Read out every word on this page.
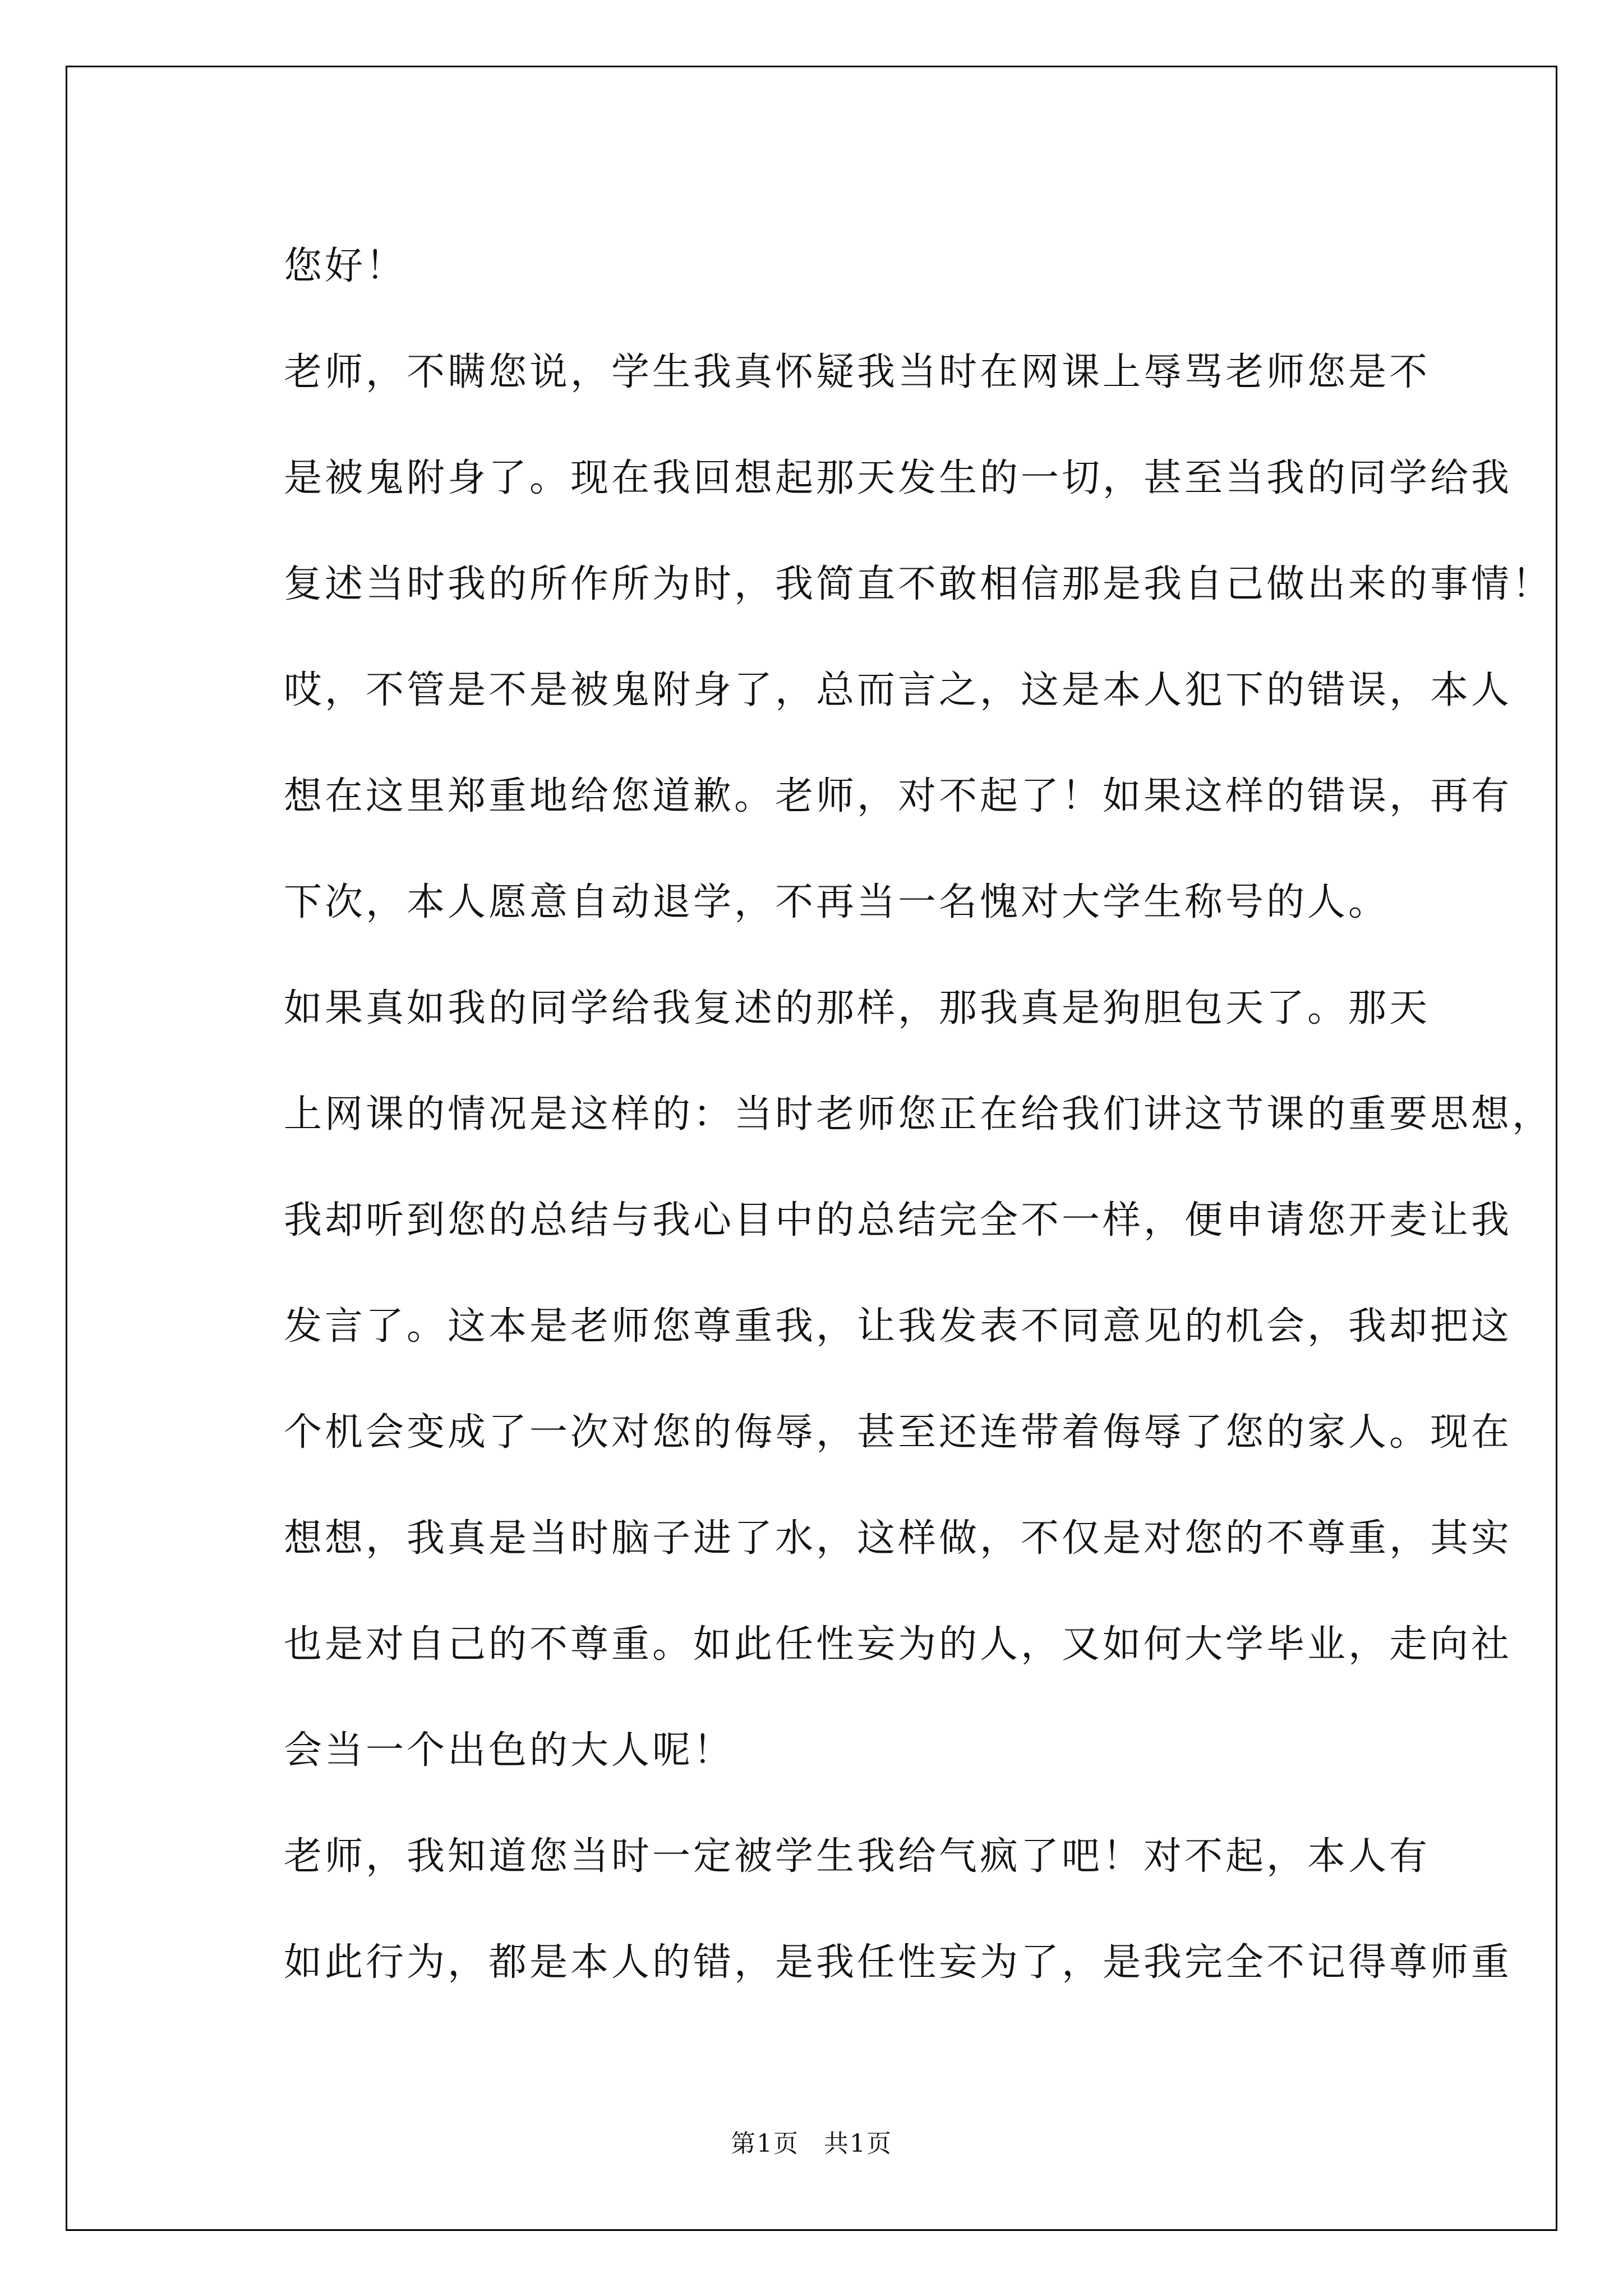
您好！

老师，不瞒您说，学生我真怀疑我当时在网课上辱骂老师您是不
是被鬼附身了。现在我回想起那天发生的一切，甚至当我的同学给我
复述当时我的所作所为时，我简直不敢相信那是我自己做出来的事情！
哎，不管是不是被鬼附身了，总而言之，这是本人犯下的错误，本人
想在这里郑重地给您道歉。老师，对不起了！如果这样的错误，再有
下次，本人愿意自动退学，不再当一名愧对大学生称号的人。

如果真如我的同学给我复述的那样，那我真是狗胆包天了。那天
上网课的情况是这样的：当时老师您正在给我们讲这节课的重要思想，
我却听到您的总结与我心目中的总结完全不一样，便申请您开麦让我
发言了。这本是老师您尊重我，让我发表不同意见的机会，我却把这
个机会变成了一次对您的侮辱，甚至还连带着侮辱了您的家人。现在
想想，我真是当时脑子进了水，这样做，不仅是对您的不尊重，其实
也是对自己的不尊重。如此任性妄为的人，又如何大学毕业，走向社
会当一个出色的大人呢！

老师，我知道您当时一定被学生我给气疯了吧！对不起，本人有
如此行为，都是本人的错，是我任性妄为了，是我完全不记得尊师重

第1页 共1页
